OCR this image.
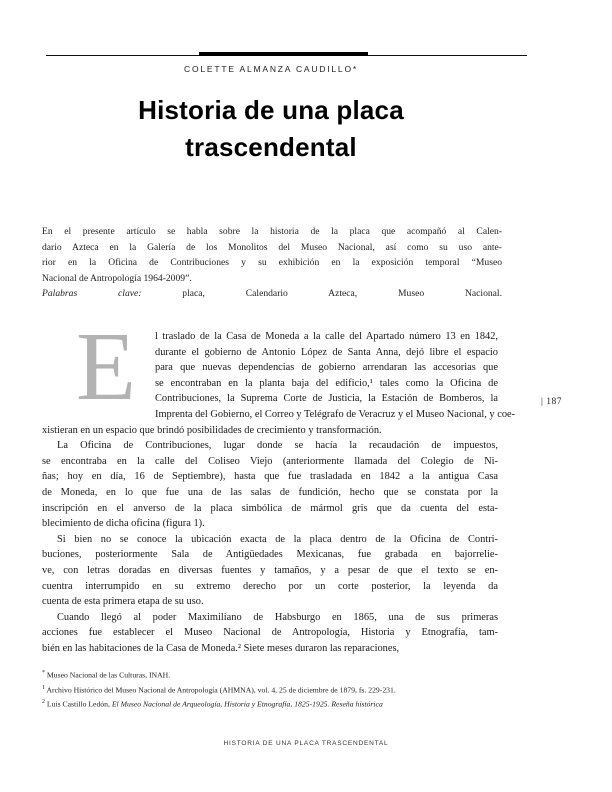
COLETTE ALMANZA CAUDILLO*
Historia de una placa
trascendental
En el presente artículo se habla sobre la historia de la placa que acompañó al Calen-
dario Azteca en la Galería de los Monolitos del Museo Nacional, así como su uso ante-
rior en la Oficina de Contribuciones y su exhibición en la exposición temporal “Museo
Nacional de Antropología 1964-2009”.
Palabras clave: placa, Calendario Azteca, Museo Nacional.
E	l traslado de la Casa de Moneda a la calle del Apartado número 13 en 1842,
durante el gobierno de Antonio López de Santa Anna, dejó libre el espacio
para que nuevas dependencias de gobierno arrendaran las accesorias que
se encontraban en la planta baja del edificio,¹ tales como la Oficina de
Contribuciones, la Suprema Corte de Justicia, la Estación de Bomberos, la
Imprenta del Gobierno, el Correo y Telégrafo de Veracruz y el Museo Nacional, y coe-
xistieran en un espacio que brindó posibilidades de crecimiento y transformación.
La Oficina de Contribuciones, lugar donde se hacía la recaudación de impuestos,
se encontraba en la calle del Coliseo Viejo (anteriormente llamada del Colegio de Ni-
ñas; hoy en día, 16 de Septiembre), hasta que fue trasladada en 1842 a la antigua Casa
de Moneda, en lo que fue una de las salas de fundición, hecho que se constata por la
inscripción en el anverso de la placa simbólica de mármol gris que da cuenta del esta-
blecimiento de dicha oficina (figura 1).
Si bien no se conoce la ubicación exacta de la placa dentro de la Oficina de Contri-
buciones, posteriormente Sala de Antigüedades Mexicanas, fue grabada en bajorrelie-
ve, con letras doradas en diversas fuentes y tamaños, y a pesar de que el texto se en-
cuentra interrumpido en su extremo derecho por un corte posterior, la leyenda da
cuenta de esta primera etapa de su uso.
Cuando llegó al poder Maximiliano de Habsburgo en 1865, una de sus primeras
acciones fue establecer el Museo Nacional de Antropología, Historia y Etnografía, tam-
bién en las habitaciones de la Casa de Moneda.² Siete meses duraron las reparaciones,
| 187
* Museo Nacional de las Culturas, INAH.
$^1$ Archivo Histórico del Museo Nacional de Antropología (AHMNA), vol. 4, 25 de diciembre de 1879, fs. 229-231.
$^2$ Luis Castillo Ledón, El Museo Nacional de Arqueología, Historia y Etnografía, 1825-1925. Reseña histórica
HISTORIA DE UNA PLACA TRASCENDENTAL
